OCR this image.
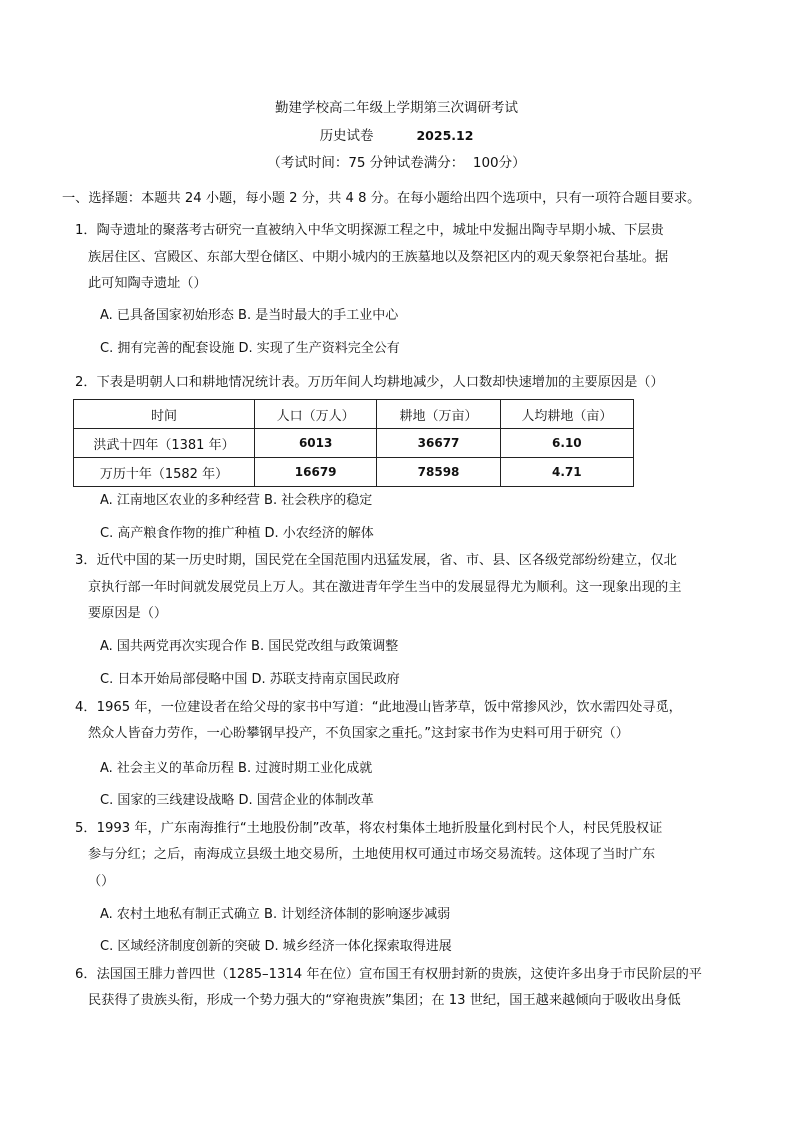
勤建学校高二年级上学期第三次调研考试
历史试卷	2025.12
（考试时间：75 分钟试卷满分：  100分）
一、选择题：本题共 24 小题，每小题 2 分，共 4 8 分。在每小题给出四个选项中，只有一项符合题目要求。
1．陶寺遗址的聚落考古研究一直被纳入中华文明探源工程之中，城址中发掘出陶寺早期小城、下层贵
族居住区、宫殿区、东部大型仓储区、中期小城内的王族墓地以及祭祀区内的观天象祭祀台基址。据
此可知陶寺遗址（）
A. 已具备国家初始形态 B. 是当时最大的手工业中心
C. 拥有完善的配套设施 D. 实现了生产资料完全公有
2．下表是明朝人口和耕地情况统计表。万历年间人均耕地减少，人口数却快速增加的主要原因是（）
时间	人口（万人）	耕地（万亩）	人均耕地（亩）
洪武十四年（1381 年）	6013	36677	6.10
万历十年（1582 年）	16679	78598	4.71
A. 江南地区农业的多种经营 B. 社会秩序的稳定
C. 高产粮食作物的推广种植 D. 小农经济的解体
3．近代中国的某一历史时期，国民党在全国范围内迅猛发展，省、市、县、区各级党部纷纷建立，仅北
京执行部一年时间就发展党员上万人。其在激进青年学生当中的发展显得尤为顺利。这一现象出现的主
要原因是（）
A. 国共两党再次实现合作 B. 国民党改组与政策调整
C. 日本开始局部侵略中国 D. 苏联支持南京国民政府
4．1965 年，一位建设者在给父母的家书中写道：“此地漫山皆茅草，饭中常掺风沙，饮水需四处寻觅，
然众人皆奋力劳作，一心盼攀钢早投产，不负国家之重托。”这封家书作为史料可用于研究（）
A. 社会主义的革命历程 B. 过渡时期工业化成就
C. 国家的三线建设战略 D. 国营企业的体制改革
5．1993 年，广东南海推行“土地股份制”改革，将农村集体土地折股量化到村民个人，村民凭股权证
参与分红；之后，南海成立县级土地交易所，土地使用权可通过市场交易流转。这体现了当时广东
（）
A. 农村土地私有制正式确立 B. 计划经济体制的影响逐步减弱
C. 区域经济制度创新的突破 D. 城乡经济一体化探索取得进展
6．法国国王腓力普四世（1285–1314 年在位）宣布国王有权册封新的贵族，这使许多出身于市民阶层的平
民获得了贵族头衔，形成一个势力强大的“穿袍贵族”集团；在 13 世纪，国王越来越倾向于吸收出身低
